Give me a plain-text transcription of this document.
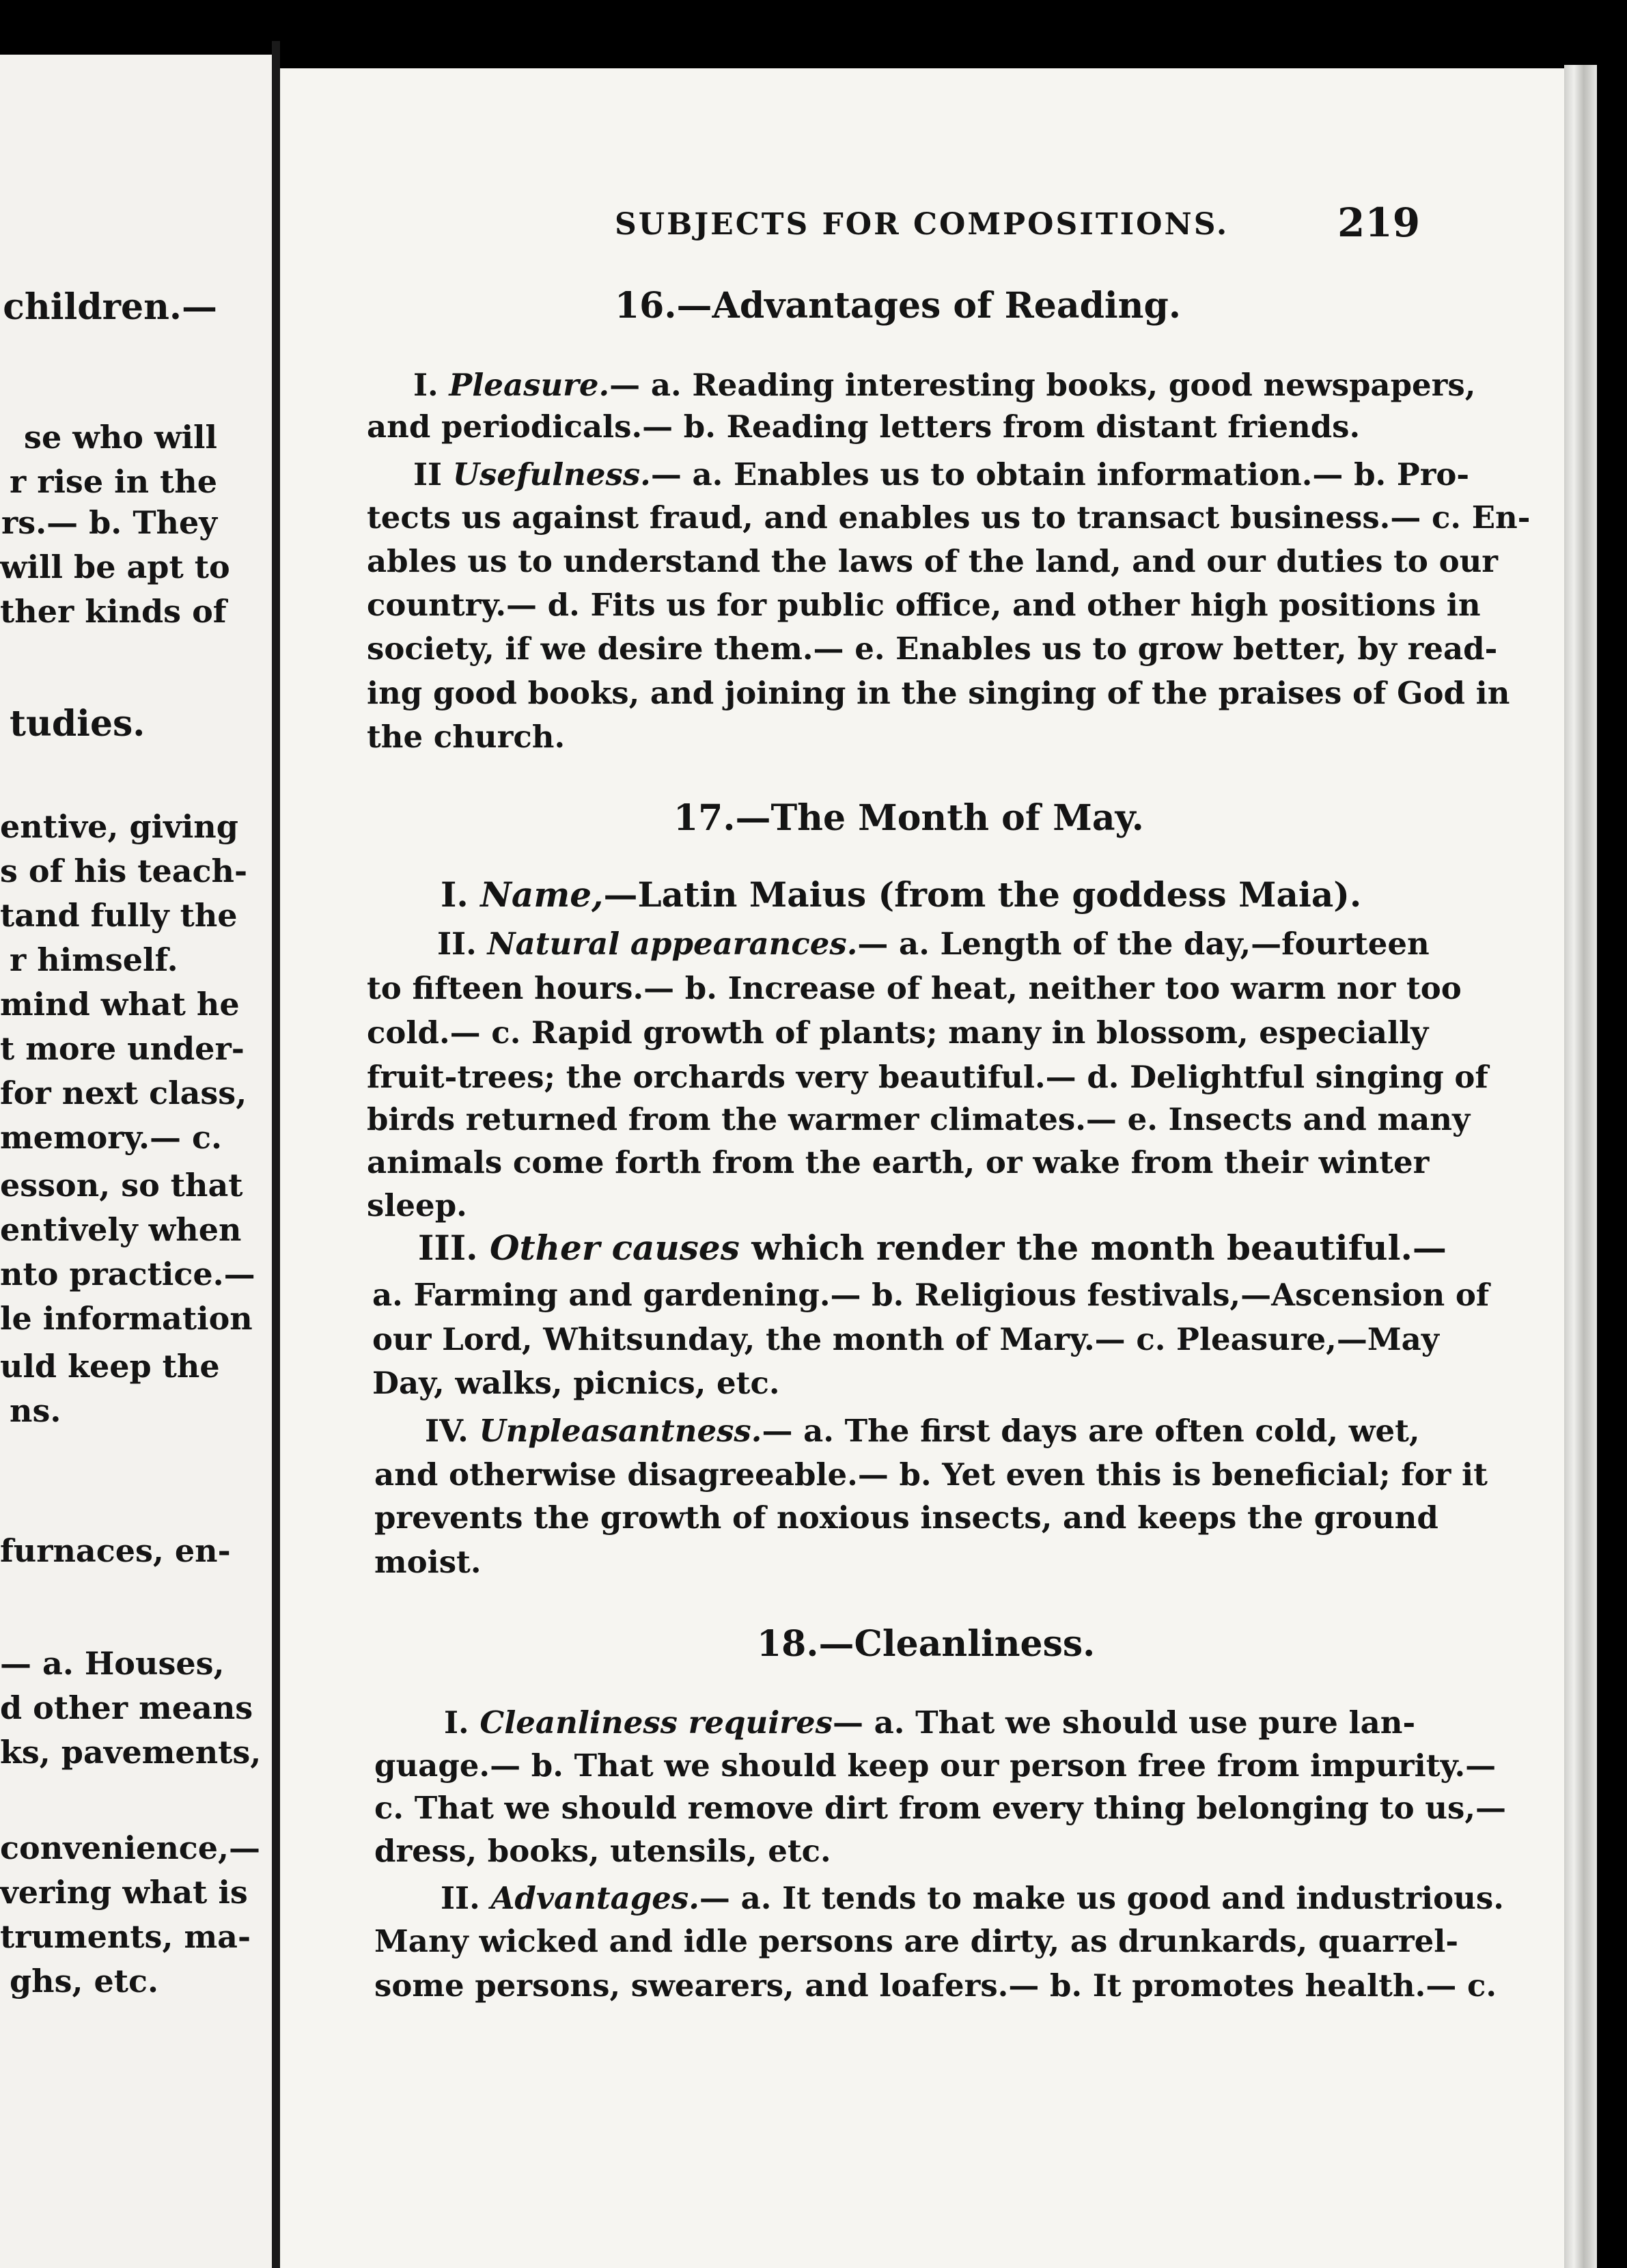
children.—
se who will
r rise in the
rs.— b. They
will be apt to
ther kinds of
tudies.
entive, giving
s of his teach-
tand fully the
r himself.
mind what he
t more under-
for next class,
memory.— c.
esson, so that
entively when
nto practice.—
le information
uld keep the
ns.
furnaces, en-
— a. Houses,
d other means
ks, pavements,
convenience,—
vering what is
truments, ma-
ghs, etc.
SUBJECTS FOR COMPOSITIONS.	219
16.—Advantages of Reading.
I. Pleasure.— a. Reading interesting books, good newspapers,
and periodicals.— b. Reading letters from distant friends.
II Usefulness.— a. Enables us to obtain information.— b. Pro-
tects us against fraud, and enables us to transact business.— c. En-
ables us to understand the laws of the land, and our duties to our
country.— d. Fits us for public office, and other high positions in
society, if we desire them.— e. Enables us to grow better, by read-
ing good books, and joining in the singing of the praises of God in
the church.
17.—The Month of May.
I. Name,—Latin Maius (from the goddess Maia).
II. Natural appearances.— a. Length of the day,—fourteen
to fifteen hours.— b. Increase of heat, neither too warm nor too
cold.— c. Rapid growth of plants; many in blossom, especially
fruit-trees; the orchards very beautiful.— d. Delightful singing of
birds returned from the warmer climates.— e. Insects and many
animals come forth from the earth, or wake from their winter
sleep.
III. Other causes which render the month beautiful.—
a. Farming and gardening.— b. Religious festivals,—Ascension of
our Lord, Whitsunday, the month of Mary.— c. Pleasure,—May
Day, walks, picnics, etc.
IV. Unpleasantness.— a. The first days are often cold, wet,
and otherwise disagreeable.— b. Yet even this is beneficial; for it
prevents the growth of noxious insects, and keeps the ground
moist.
18.—Cleanliness.
I. Cleanliness requires— a. That we should use pure lan-
guage.— b. That we should keep our person free from impurity.—
c. That we should remove dirt from every thing belonging to us,—
dress, books, utensils, etc.
II. Advantages.— a. It tends to make us good and industrious.
Many wicked and idle persons are dirty, as drunkards, quarrel-
some persons, swearers, and loafers.— b. It promotes health.— c.
